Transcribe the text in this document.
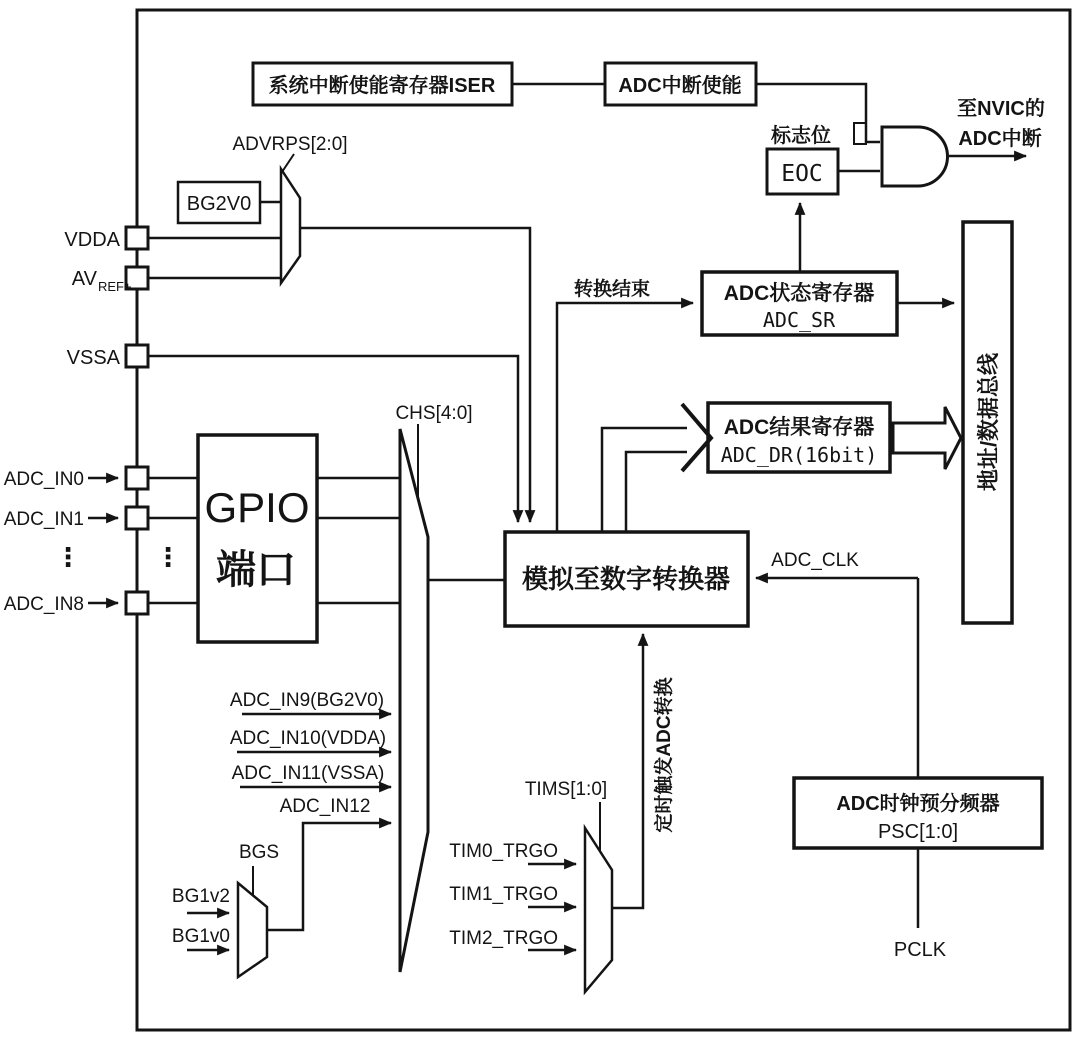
系统中断使能寄存器ISER	ADC中断使能
标志位
EOC
至NVIC的
ADC中断
ADVRPS[2:0]
BG2V0
VDDA
AV REF+
VSSA
转换结束	ADC状态寄存器
ADC_SR
ADC结果寄存器
ADC_DR(16bit)	地址/数据总线
GPIO
端口
⋮	⋮
ADC_IN0
ADC_IN1
ADC_IN8
CHS[4:0]
模拟至数字转换器
ADC_IN9(BG2V0)
ADC_IN10(VDDA)
ADC_IN11(VSSA)
ADC_IN12
BGS
BG1v2
BG1v0
TIMS[1:0]
TIM0_TRGO
TIM1_TRGO
TIM2_TRGO
定时触发ADC转换
ADC_CLK
ADC时钟预分频器
PSC[1:0]
PCLK
